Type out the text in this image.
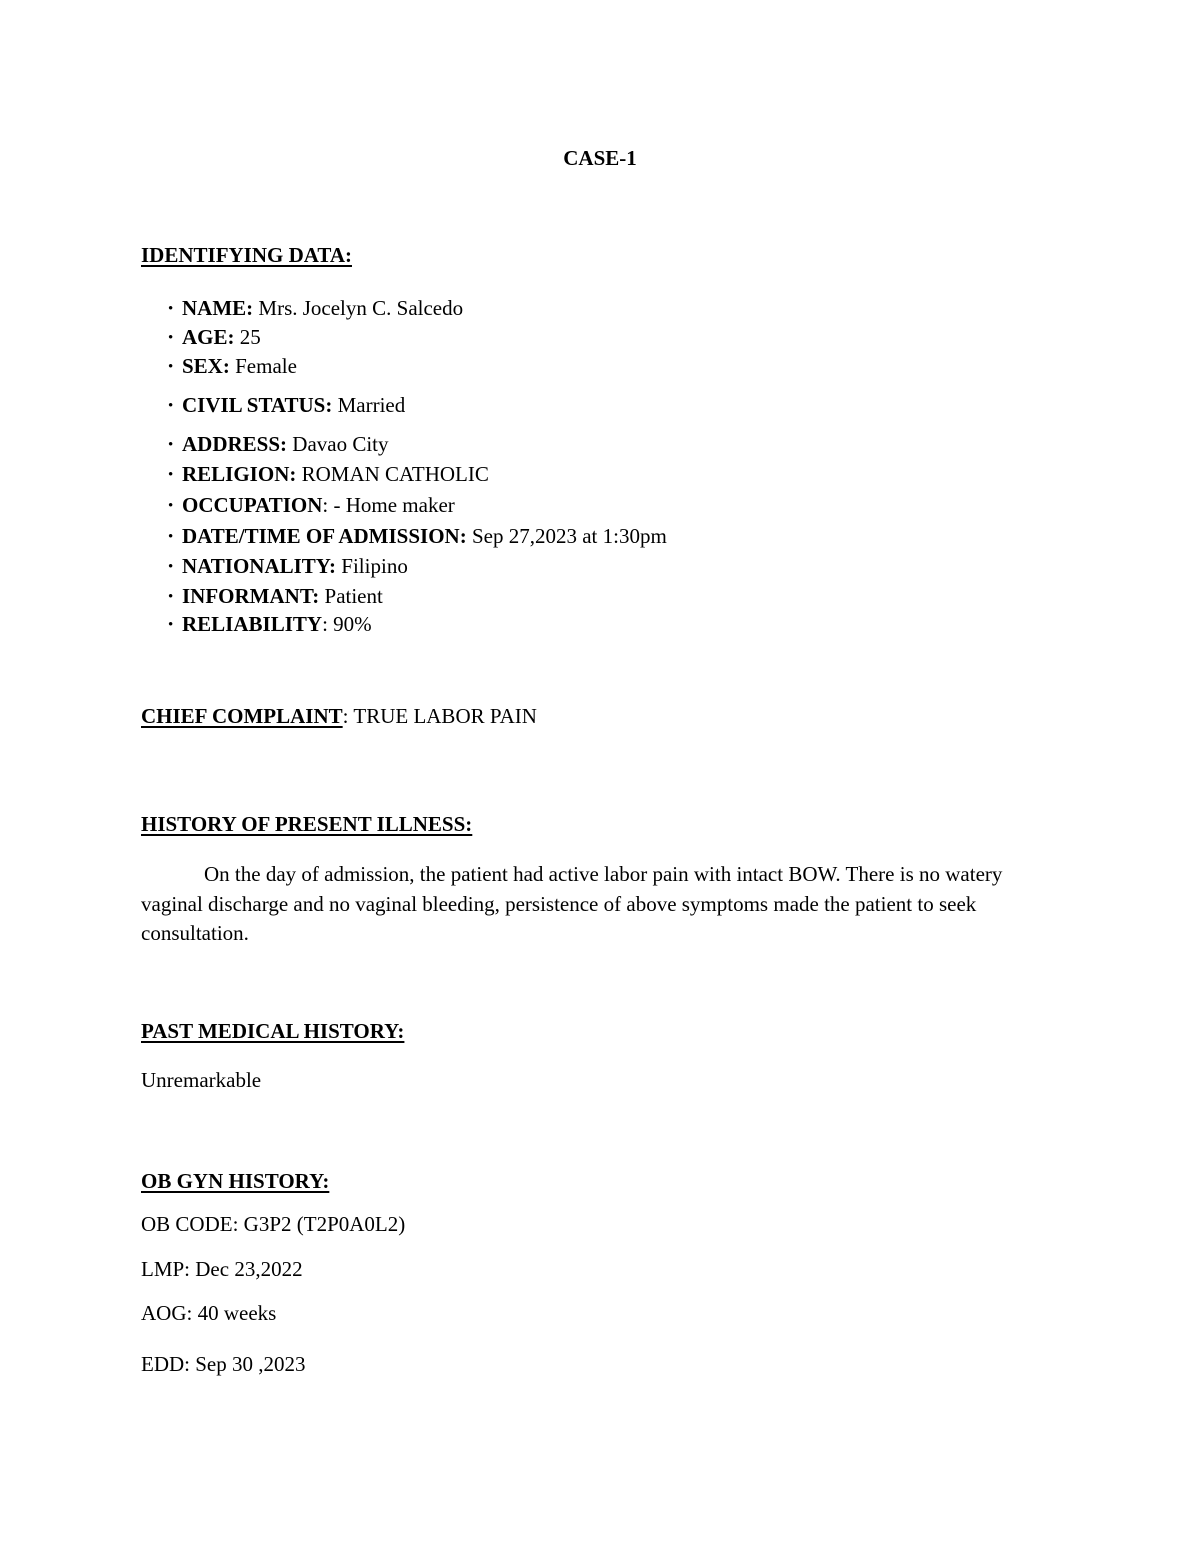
CASE-1
IDENTIFYING DATA:
• NAME: Mrs. Jocelyn C. Salcedo
• AGE: 25
• SEX: Female
• CIVIL STATUS: Married
• ADDRESS: Davao City
• RELIGION: ROMAN CATHOLIC
• OCCUPATION: - Home maker
• DATE/TIME OF ADMISSION: Sep 27,2023 at 1:30pm
• NATIONALITY: Filipino
• INFORMANT: Patient
• RELIABILITY: 90%
CHIEF COMPLAINT: TRUE LABOR PAIN
HISTORY OF PRESENT ILLNESS:
On the day of admission, the patient had active labor pain with intact BOW. There is no watery vaginal discharge and no vaginal bleeding, persistence of above symptoms made the patient to seek consultation.
PAST MEDICAL HISTORY:
Unremarkable
OB GYN HISTORY:
OB CODE: G3P2 (T2P0A0L2)
LMP: Dec 23,2022
AOG: 40 weeks
EDD: Sep 30 ,2023
